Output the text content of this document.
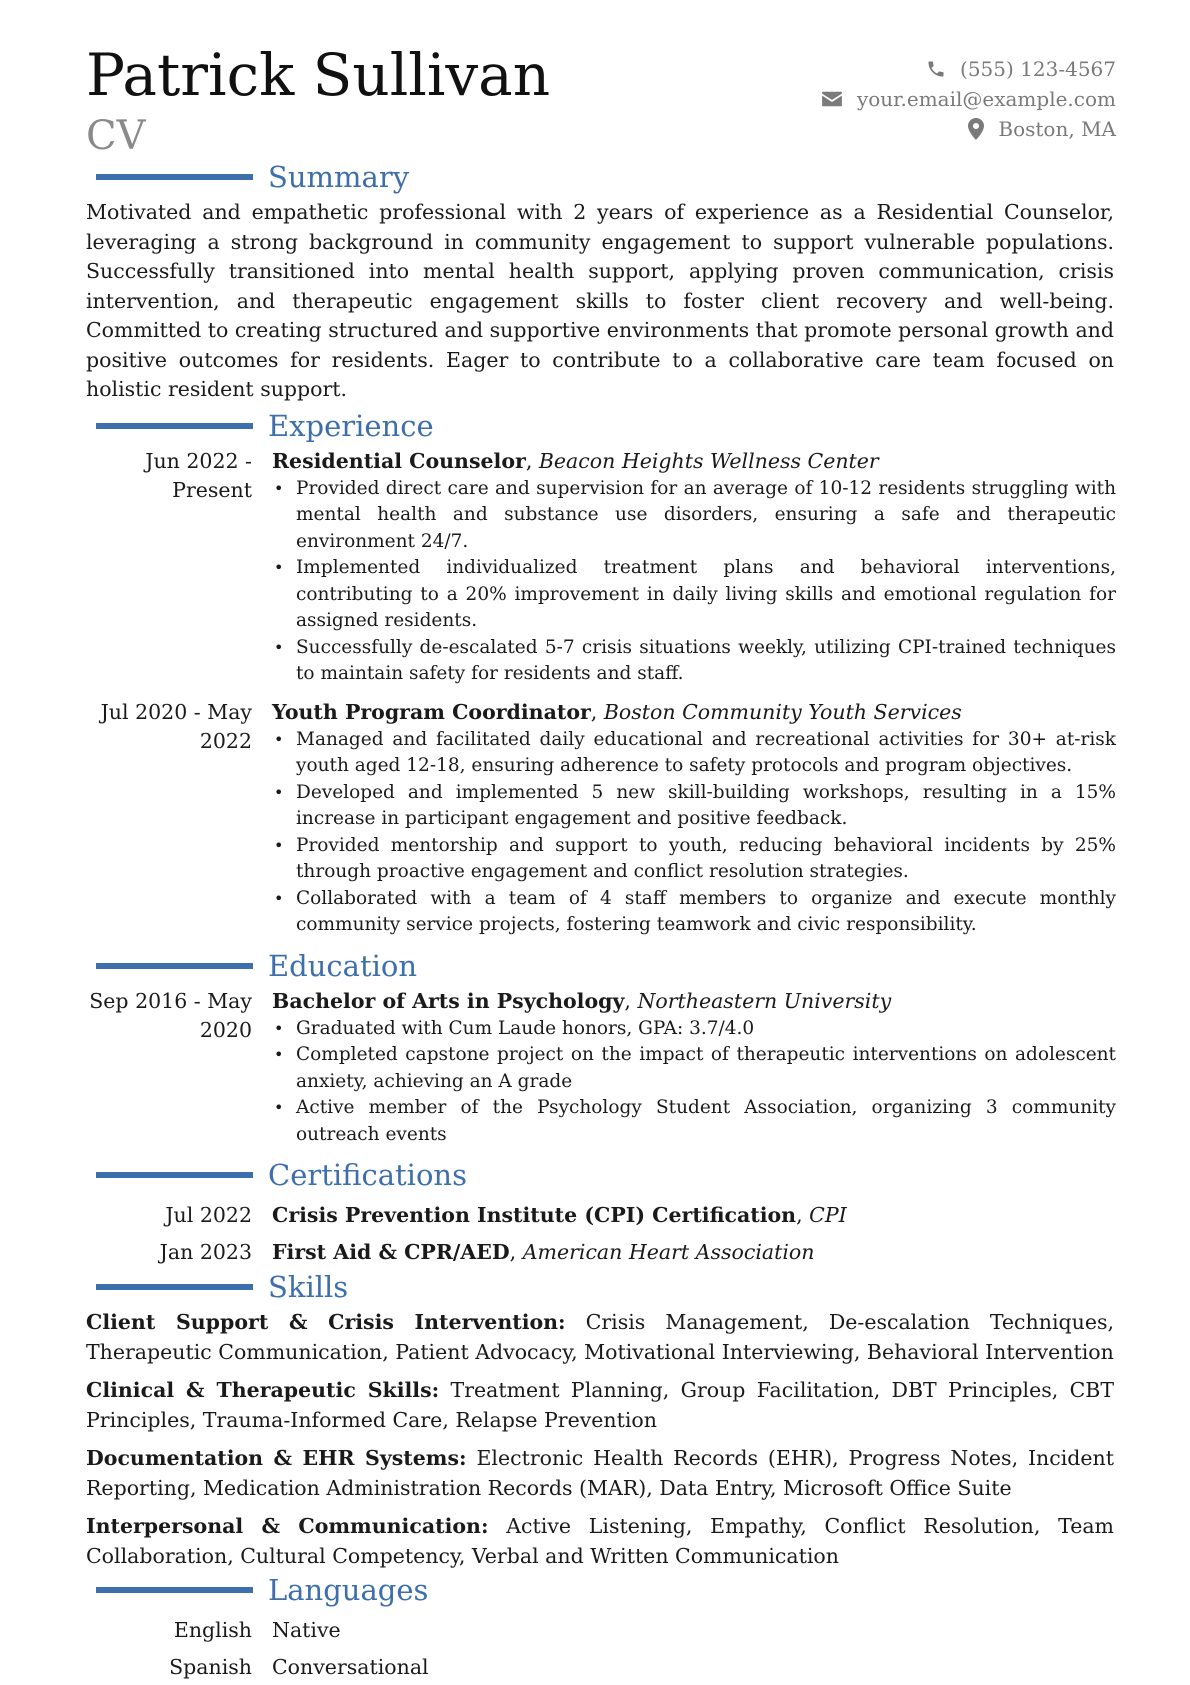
Patrick Sullivan
CV
(555) 123-4567
your.email@example.com
Boston, MA
Summary

Motivated and empathetic professional with 2 years of experience as a Residential Counselor, leveraging a strong background in community engagement to support vulnerable populations. Successfully transitioned into mental health support, applying proven communication, crisis intervention, and therapeutic engagement skills to foster client recovery and well-being. Committed to creating structured and supportive environments that promote personal growth and positive outcomes for residents. Eager to contribute to a collaborative care team focused on holistic resident support.

Experience
Jun 2022 - Present
Residential Counselor, Beacon Heights Wellness Center
• Provided direct care and supervision for an average of 10-12 residents struggling with mental health and substance use disorders, ensuring a safe and therapeutic environment 24/7.
• Implemented individualized treatment plans and behavioral interventions, contributing to a 20% improvement in daily living skills and emotional regulation for assigned residents.
• Successfully de-escalated 5-7 crisis situations weekly, utilizing CPI-trained techniques to maintain safety for residents and staff.
Jul 2020 - May 2022
Youth Program Coordinator, Boston Community Youth Services
• Managed and facilitated daily educational and recreational activities for 30+ at-risk youth aged 12-18, ensuring adherence to safety protocols and program objectives.
• Developed and implemented 5 new skill-building workshops, resulting in a 15% increase in participant engagement and positive feedback.
• Provided mentorship and support to youth, reducing behavioral incidents by 25% through proactive engagement and conflict resolution strategies.
• Collaborated with a team of 4 staff members to organize and execute monthly community service projects, fostering teamwork and civic responsibility.
Education
Sep 2016 - May 2020
Bachelor of Arts in Psychology, Northeastern University
• Graduated with Cum Laude honors, GPA: 3.7/4.0
• Completed capstone project on the impact of therapeutic interventions on adolescent anxiety, achieving an A grade
• Active member of the Psychology Student Association, organizing 3 community outreach events
Certifications
Jul 2022 Crisis Prevention Institute (CPI) Certification, CPI
Jan 2023 First Aid & CPR/AED, American Heart Association
Skills

Client Support & Crisis Intervention: Crisis Management, De-escalation Techniques, Therapeutic Communication, Patient Advocacy, Motivational Interviewing, Behavioral Intervention

Clinical & Therapeutic Skills: Treatment Planning, Group Facilitation, DBT Principles, CBT Principles, Trauma-Informed Care, Relapse Prevention

Documentation & EHR Systems: Electronic Health Records (EHR), Progress Notes, Incident Reporting, Medication Administration Records (MAR), Data Entry, Microsoft Office Suite

Interpersonal & Communication: Active Listening, Empathy, Conflict Resolution, Team Collaboration, Cultural Competency, Verbal and Written Communication

Languages
English Native
Spanish Conversational
